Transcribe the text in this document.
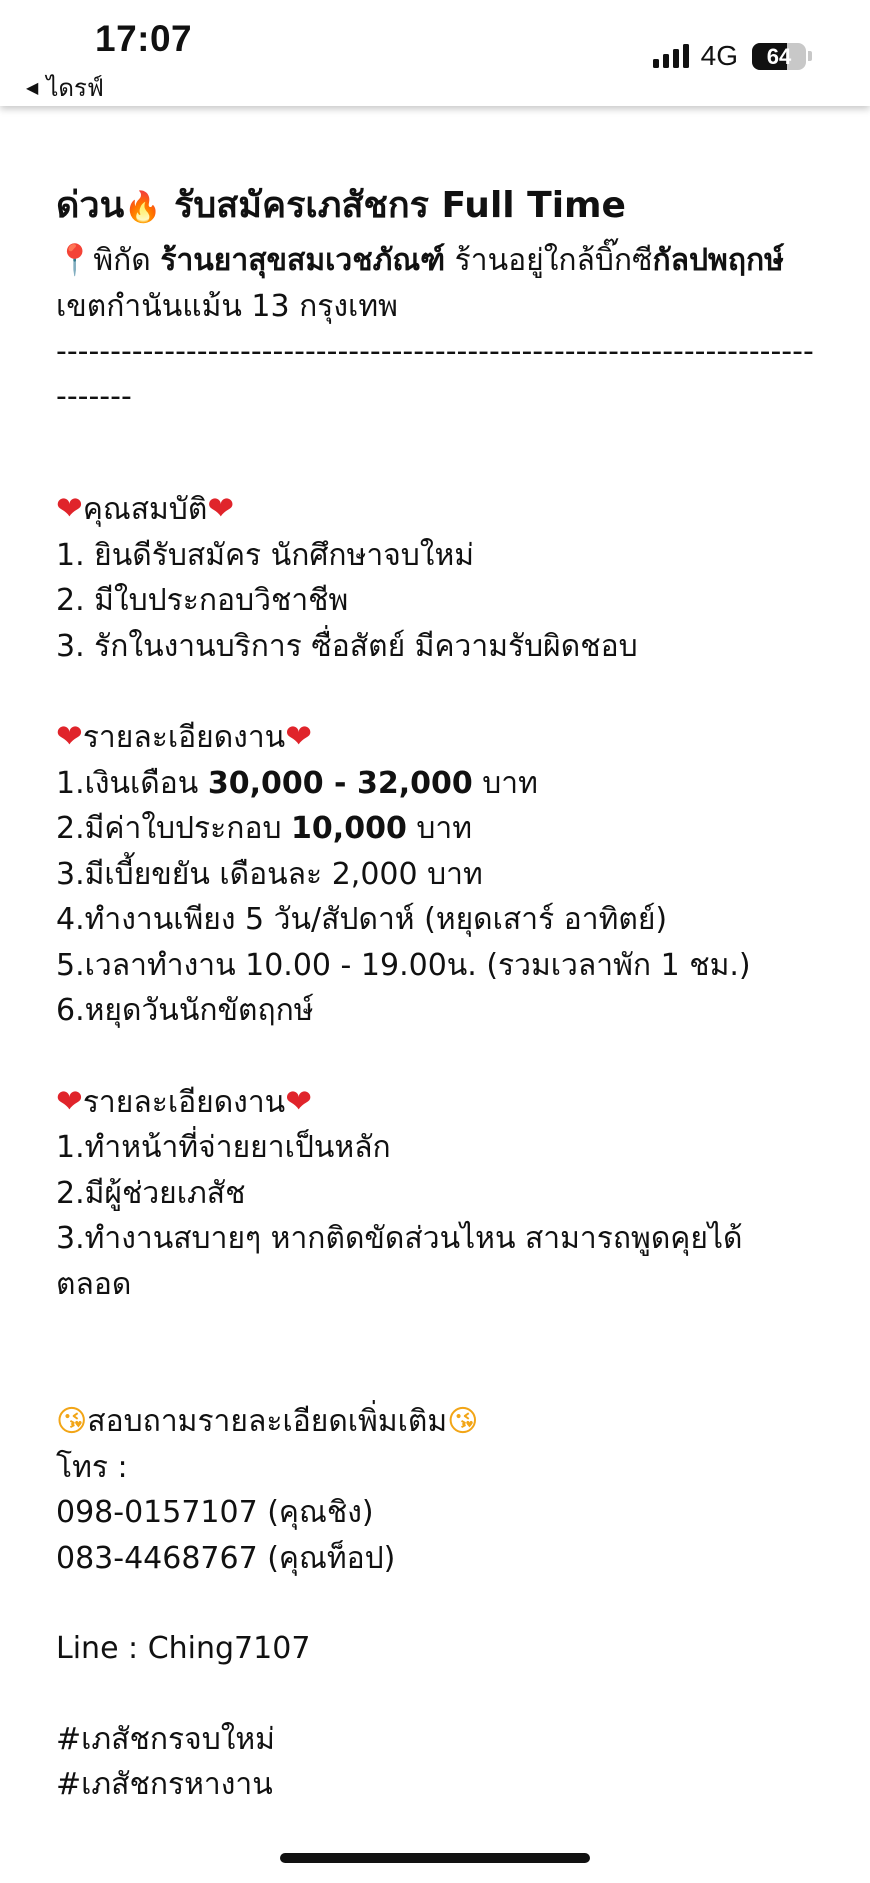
17:07
◀ ไดรฟ์
4G	64

ด่วน🔥 รับสมัครเภสัชกร Full Time

📍พิกัด ร้านยาสุขสมเวชภัณฑ์ ร้านอยู่ใกล้บิ๊กซีกัลปพฤกษ์ เขตกำนันแม้น 13 กรุงเทพ

-----------------------------------------------------------------------------

❤คุณสมบัติ❤

1. ยินดีรับสมัคร นักศึกษาจบใหม่

2. มีใบประกอบวิชาชีพ

3. รักในงานบริการ ซื่อสัตย์ มีความรับผิดชอบ

❤รายละเอียดงาน❤

1.เงินเดือน 30,000 - 32,000 บาท

2.มีค่าใบประกอบ 10,000 บาท

3.มีเบี้ยขยัน เดือนละ 2,000 บาท

4.ทำงานเพียง 5 วัน/สัปดาห์ (หยุดเสาร์ อาทิตย์)

5.เวลาทำงาน 10.00 - 19.00น. (รวมเวลาพัก 1 ชม.)

6.หยุดวันนักขัตฤกษ์

❤รายละเอียดงาน❤

1.ทำหน้าที่จ่ายยาเป็นหลัก

2.มีผู้ช่วยเภสัช

3.ทำงานสบายๆ หากติดขัดส่วนไหน สามารถพูดคุยได้ตลอด

😘สอบถามรายละเอียดเพิ่มเติม😘

โทร :

098-0157107 (คุณชิง)

083-4468767 (คุณท็อป)

Line : Ching7107

#เภสัชกรจบใหม่

#เภสัชกรหางาน
